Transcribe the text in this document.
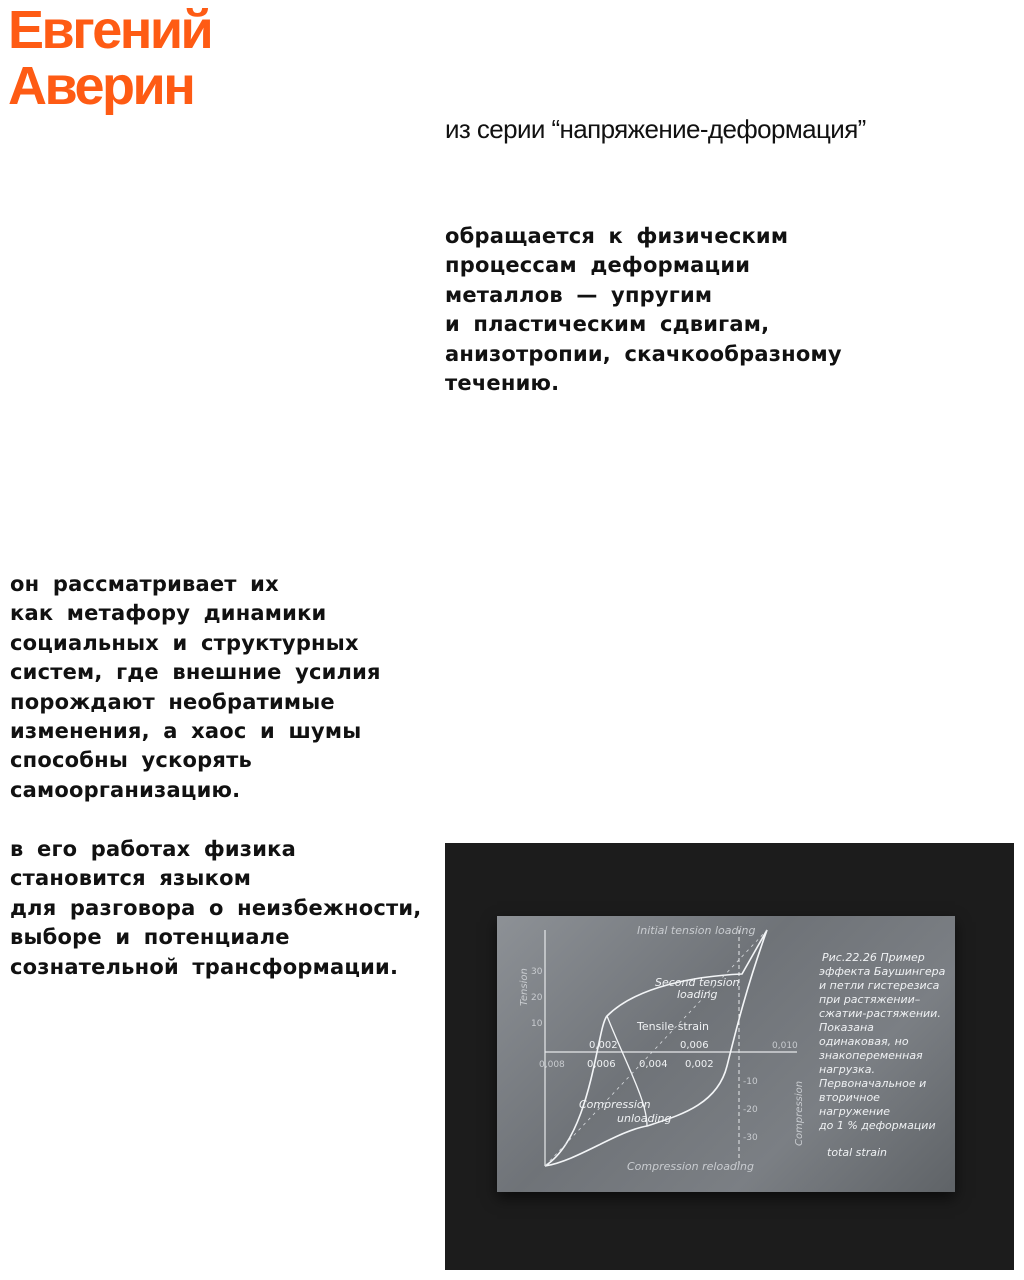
Евгений
Аверин
из серии “напряжение-деформация”

обращается к физическим
процессам деформации
металлов — упругим
и пластическим сдвигам,
анизотропии, скачкообразному
течению.

он рассматривает их
как метафору динамики
социальных и структурных
систем, где внешние усилия
порождают необратимые
изменения, а хаос и шумы
способны ускорять
самоорганизацию.

в его работах физика
становится языком
для разговора о неизбежности,
выборе и потенциале
сознательной трансформации.

Initial tension loading
Second tension
loading
Tensile strain
Compression
unloading
Compression reloading
total strain
Tension
Compression
0,002	0,006
0,006 0,004 0,002
0,008
0,010
30
20
10
-10
-20
-30
Рис.22.26 Пример
эффекта Баушингера
и петли гистерезиса
при растяжении–
сжатии-растяжении.
Показана
одинаковая, но
знакопеременная
нагрузка.
Первоначальное и
вторичное
нагружение
до 1 % деформации
